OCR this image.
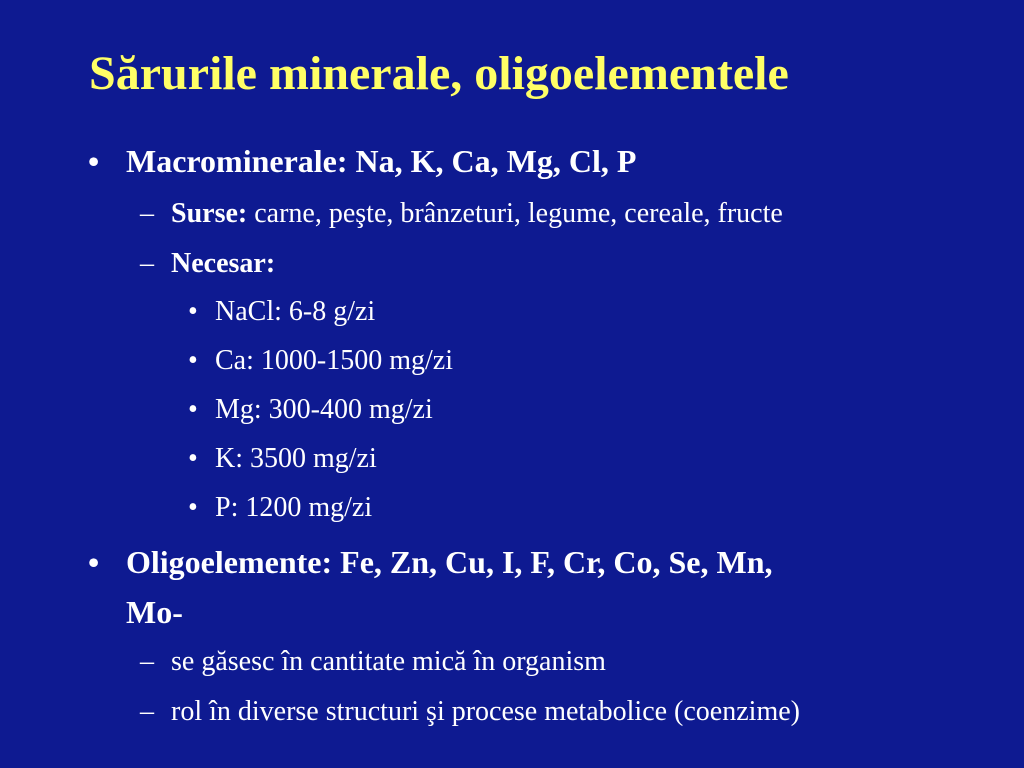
Sărurile minerale, oligoelementele
• Macrominerale: Na, K, Ca, Mg, Cl, P
– Surse: carne, peşte, brânzeturi, legume, cereale, fructe
– Necesar:
• NaCl: 6-8 g/zi
• Ca: 1000-1500 mg/zi
• Mg: 300-400 mg/zi
• K: 3500 mg/zi
• P: 1200 mg/zi
• Oligoelemente: Fe, Zn, Cu, I, F, Cr, Co, Se, Mn,
Mo-
– se găsesc în cantitate mică în organism
– rol în diverse structuri şi procese metabolice (coenzime)
